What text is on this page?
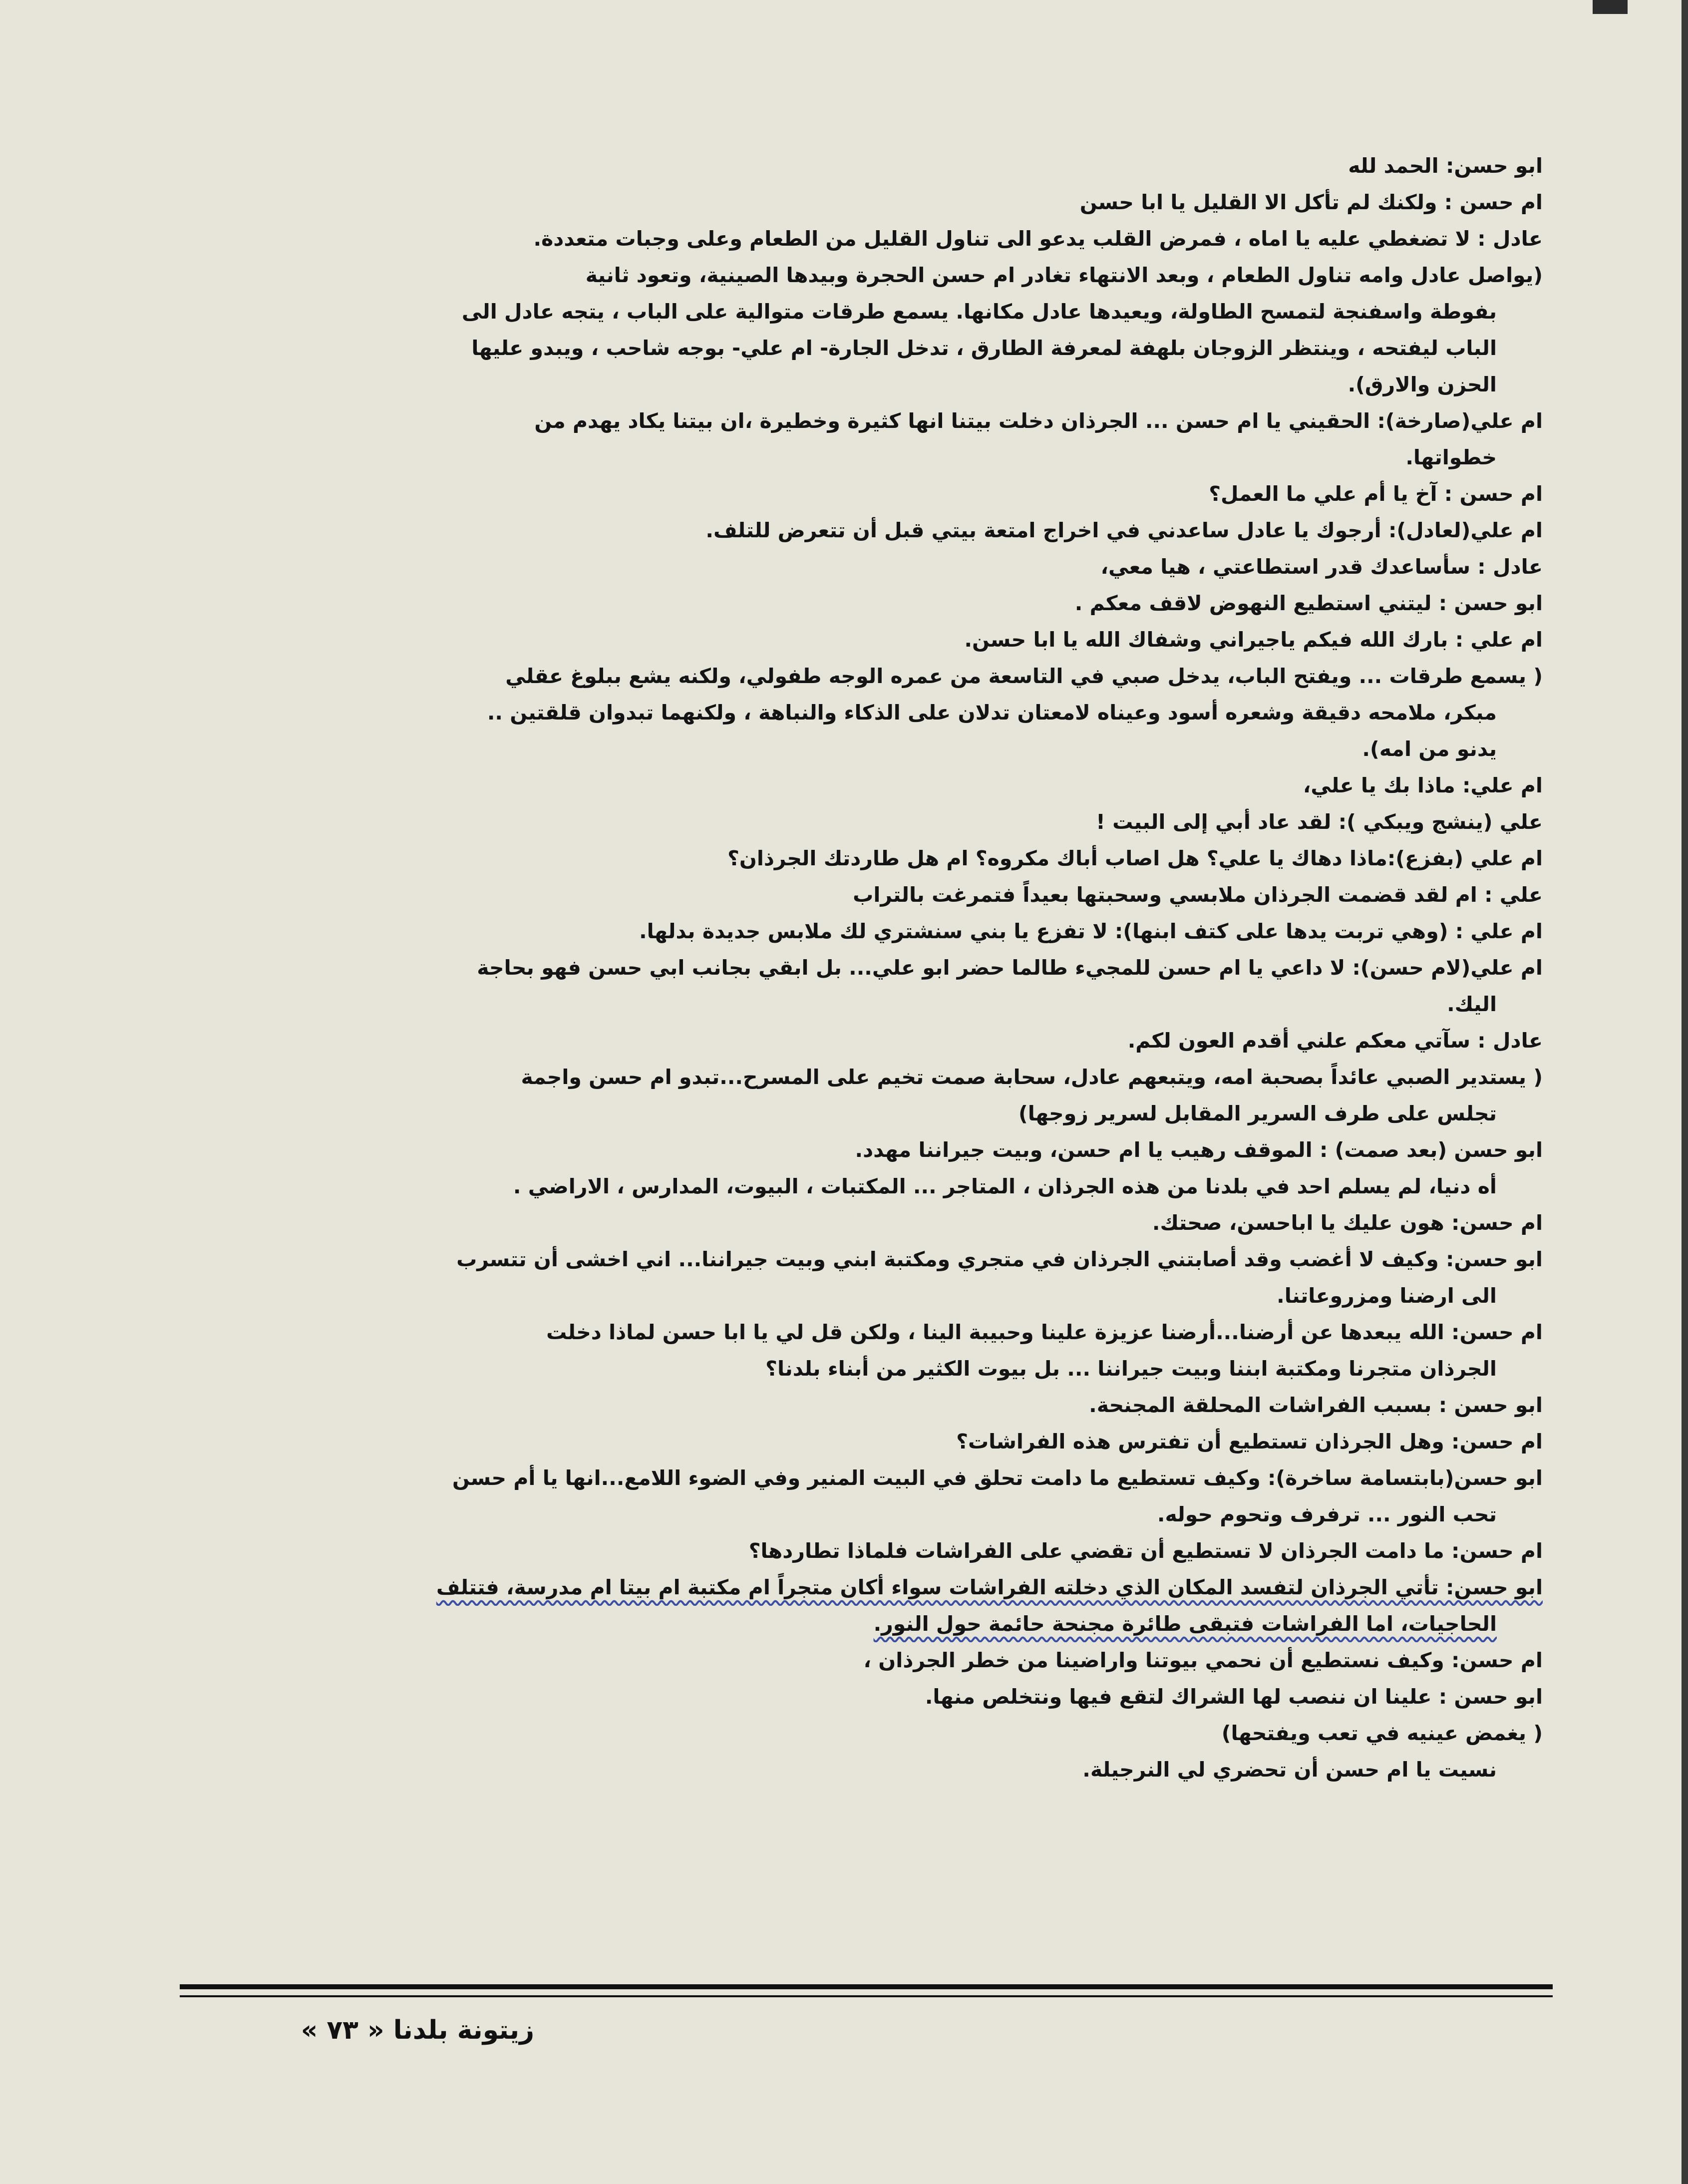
ابو حسن: الحمد لله
ام حسن : ولكنك لم تأكل الا القليل يا ابا حسن
عادل : لا تضغطي عليه يا اماه ، فمرض القلب يدعو الى تناول القليل من الطعام وعلى وجبات متعددة.
(يواصل عادل وامه تناول الطعام ، وبعد الانتهاء تغادر ام حسن الحجرة وبيدها الصينية، وتعود ثانية
بفوطة واسفنجة لتمسح الطاولة، ويعيدها عادل مكانها. يسمع طرقات متوالية على الباب ، يتجه عادل الى
الباب ليفتحه ، وينتظر الزوجان بلهفة لمعرفة الطارق ، تدخل الجارة- ام علي- بوجه شاحب ، ويبدو عليها
الحزن والارق).
ام علي(صارخة): الحقيني يا ام حسن ... الجرذان دخلت بيتنا انها كثيرة وخطيرة ،ان بيتنا يكاد يهدم من
خطواتها.
ام حسن : آخ يا أم علي ما العمل؟
ام علي(لعادل): أرجوك يا عادل ساعدني في اخراج امتعة بيتي قبل أن تتعرض للتلف.
عادل : سأساعدك قدر استطاعتي ، هيا معي،
ابو حسن : ليتني استطيع النهوض لاقف معكم .
ام علي : بارك الله فيكم ياجيراني وشفاك الله يا ابا حسن.
( يسمع طرقات ... ويفتح الباب، يدخل صبي في التاسعة من عمره الوجه طفولي، ولكنه يشع ببلوغ عقلي
مبكر، ملامحه دقيقة وشعره أسود وعيناه لامعتان تدلان على الذكاء والنباهة ، ولكنهما تبدوان قلقتين ..
يدنو من امه).
ام علي: ماذا بك يا علي،
علي (ينشج ويبكي ): لقد عاد أبي إلى البيت !
ام علي (بفزع):ماذا دهاك يا علي؟ هل اصاب أباك مكروه؟ ام هل طاردتك الجرذان؟
علي : ام لقد قضمت الجرذان ملابسي وسحبتها بعيداً فتمرغت بالتراب
ام علي : (وهي تربت يدها على كتف ابنها): لا تفزع يا بني سنشتري لك ملابس جديدة بدلها.
ام علي(لام حسن): لا داعي يا ام حسن للمجيء طالما حضر ابو علي... بل ابقي بجانب ابي حسن فهو بحاجة
اليك.
عادل : سآتي معكم علني أقدم العون لكم.
( يستدير الصبي عائداً بصحبة امه، ويتبعهم عادل، سحابة صمت تخيم على المسرح...تبدو ام حسن واجمة
تجلس على طرف السرير المقابل لسرير زوجها)
ابو حسن (بعد صمت) : الموقف رهيب يا ام حسن، وبيت جيراننا مهدد.
أه دنيا، لم يسلم احد في بلدنا من هذه الجرذان ، المتاجر ... المكتبات ، البيوت، المدارس ، الاراضي .
ام حسن: هون عليك يا اباحسن، صحتك.
ابو حسن: وكيف لا أغضب وقد أصابتني الجرذان في متجري ومكتبة ابني وبيت جيراننا... اني اخشى أن تتسرب
الى ارضنا ومزروعاتنا.
ام حسن: الله يبعدها عن أرضنا...أرضنا عزيزة علينا وحبيبة الينا ، ولكن قل لي يا ابا حسن لماذا دخلت
الجرذان متجرنا ومكتبة ابننا وبيت جيراننا ... بل بيوت الكثير من أبناء بلدنا؟
ابو حسن : بسبب الفراشات المحلقة المجنحة.
ام حسن: وهل الجرذان تستطيع أن تفترس هذه الفراشات؟
ابو حسن(بابتسامة ساخرة): وكيف تستطيع ما دامت تحلق في البيت المنير وفي الضوء اللامع...انها يا أم حسن
تحب النور ... ترفرف وتحوم حوله.
ام حسن: ما دامت الجرذان لا تستطيع أن تقضي على الفراشات فلماذا تطاردها؟
ابو حسن: تأتي الجرذان لتفسد المكان الذي دخلته الفراشات سواء أكان متجراً ام مكتبة ام بيتا ام مدرسة، فتتلف
الحاجيات، اما الفراشات فتبقى طائرة مجنحة حائمة حول النور.
ام حسن: وكيف نستطيع أن نحمي بيوتنا واراضينا من خطر الجرذان ،
ابو حسن : علينا ان ننصب لها الشراك لتقع فيها ونتخلص منها.
( يغمض عينيه في تعب ويفتحها)
نسيت يا ام حسن أن تحضري لي النرجيلة.
زيتونة بلدنا « ٧٣ »
